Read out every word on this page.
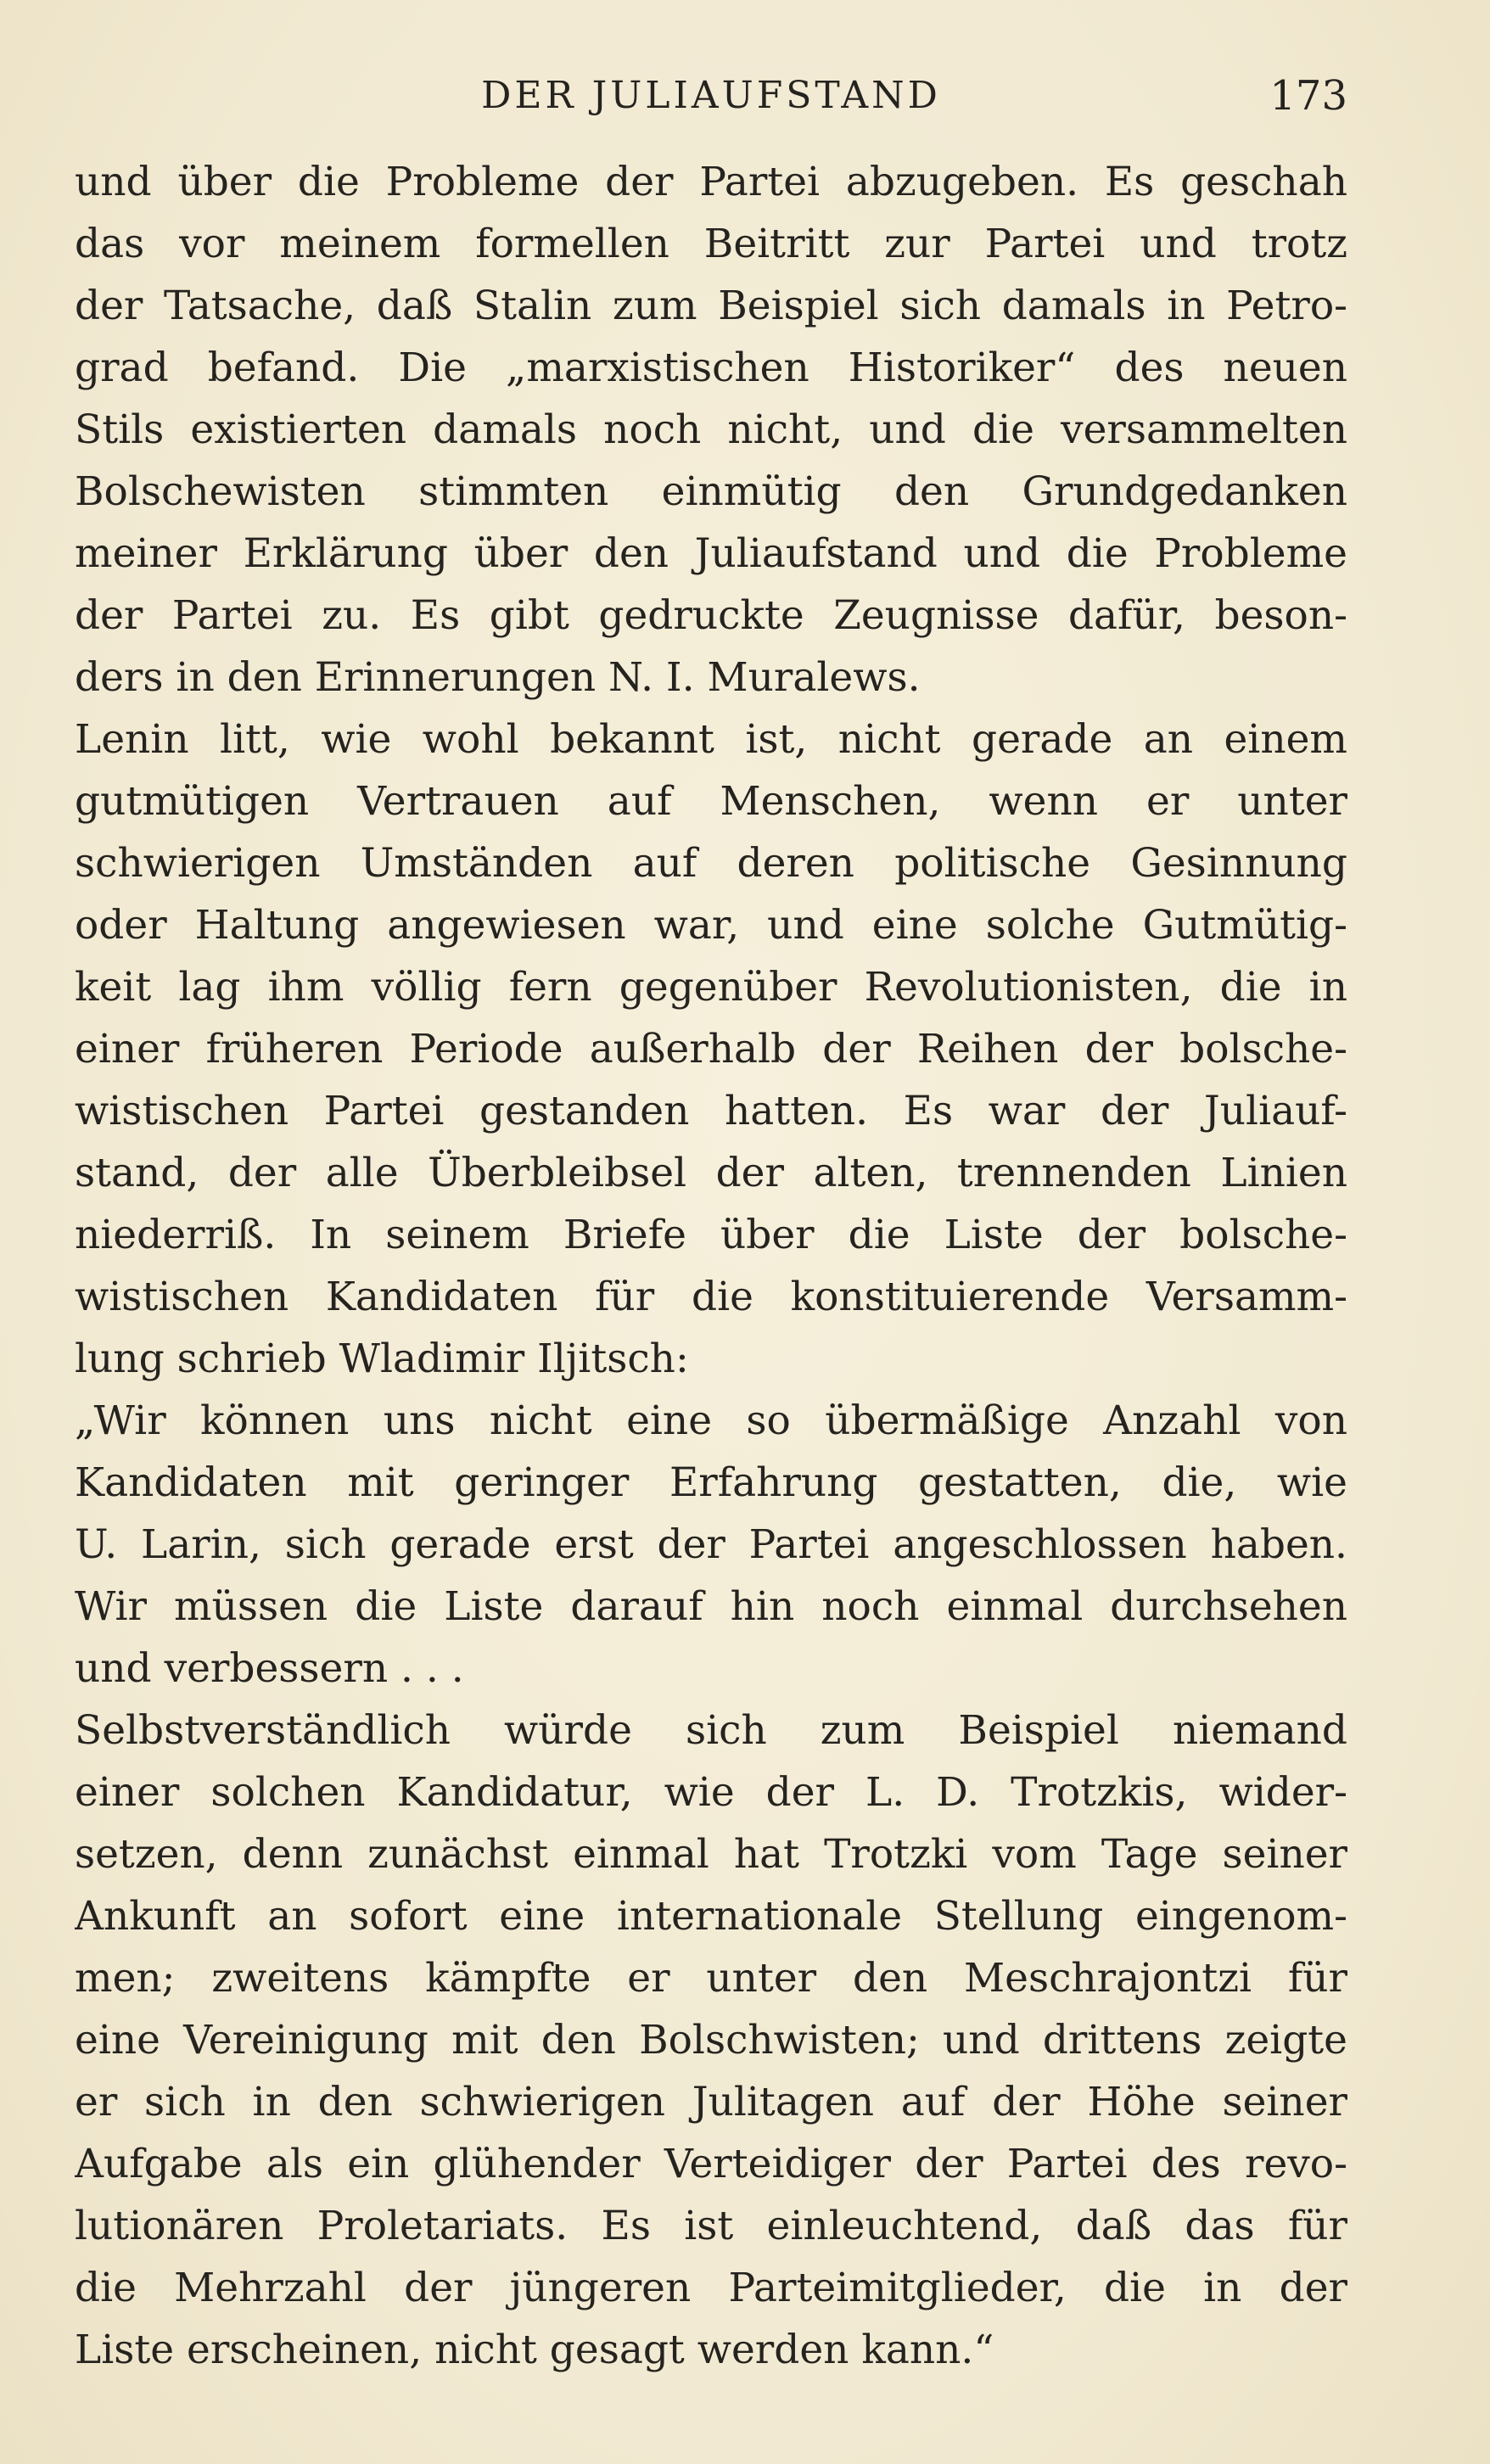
DER JULIAUFSTAND	173
und über die Probleme der Partei abzugeben. Es geschah
das vor meinem formellen Beitritt zur Partei und trotz
der Tatsache, daß Stalin zum Beispiel sich damals in Petro-
grad befand. Die „marxistischen Historiker“ des neuen
Stils existierten damals noch nicht, und die versammelten
Bolschewisten stimmten einmütig den Grundgedanken
meiner Erklärung über den Juliaufstand und die Probleme
der Partei zu. Es gibt gedruckte Zeugnisse dafür, beson-
ders in den Erinnerungen N. I. Muralews.
Lenin litt, wie wohl bekannt ist, nicht gerade an einem
gutmütigen Vertrauen auf Menschen, wenn er unter
schwierigen Umständen auf deren politische Gesinnung
oder Haltung angewiesen war, und eine solche Gutmütig-
keit lag ihm völlig fern gegenüber Revolutionisten, die in
einer früheren Periode außerhalb der Reihen der bolsche-
wistischen Partei gestanden hatten. Es war der Juliauf-
stand, der alle Überbleibsel der alten, trennenden Linien
niederriß. In seinem Briefe über die Liste der bolsche-
wistischen Kandidaten für die konstituierende Versamm-
lung schrieb Wladimir Iljitsch:
„Wir können uns nicht eine so übermäßige Anzahl von
Kandidaten mit geringer Erfahrung gestatten, die, wie
U. Larin, sich gerade erst der Partei angeschlossen haben.
Wir müssen die Liste darauf hin noch einmal durchsehen
und verbessern . . .
Selbstverständlich würde sich zum Beispiel niemand
einer solchen Kandidatur, wie der L. D. Trotzkis, wider-
setzen, denn zunächst einmal hat Trotzki vom Tage seiner
Ankunft an sofort eine internationale Stellung eingenom-
men; zweitens kämpfte er unter den Meschrajontzi für
eine Vereinigung mit den Bolschwisten; und drittens zeigte
er sich in den schwierigen Julitagen auf der Höhe seiner
Aufgabe als ein glühender Verteidiger der Partei des revo-
lutionären Proletariats. Es ist einleuchtend, daß das für
die Mehrzahl der jüngeren Parteimitglieder, die in der
Liste erscheinen, nicht gesagt werden kann.“
